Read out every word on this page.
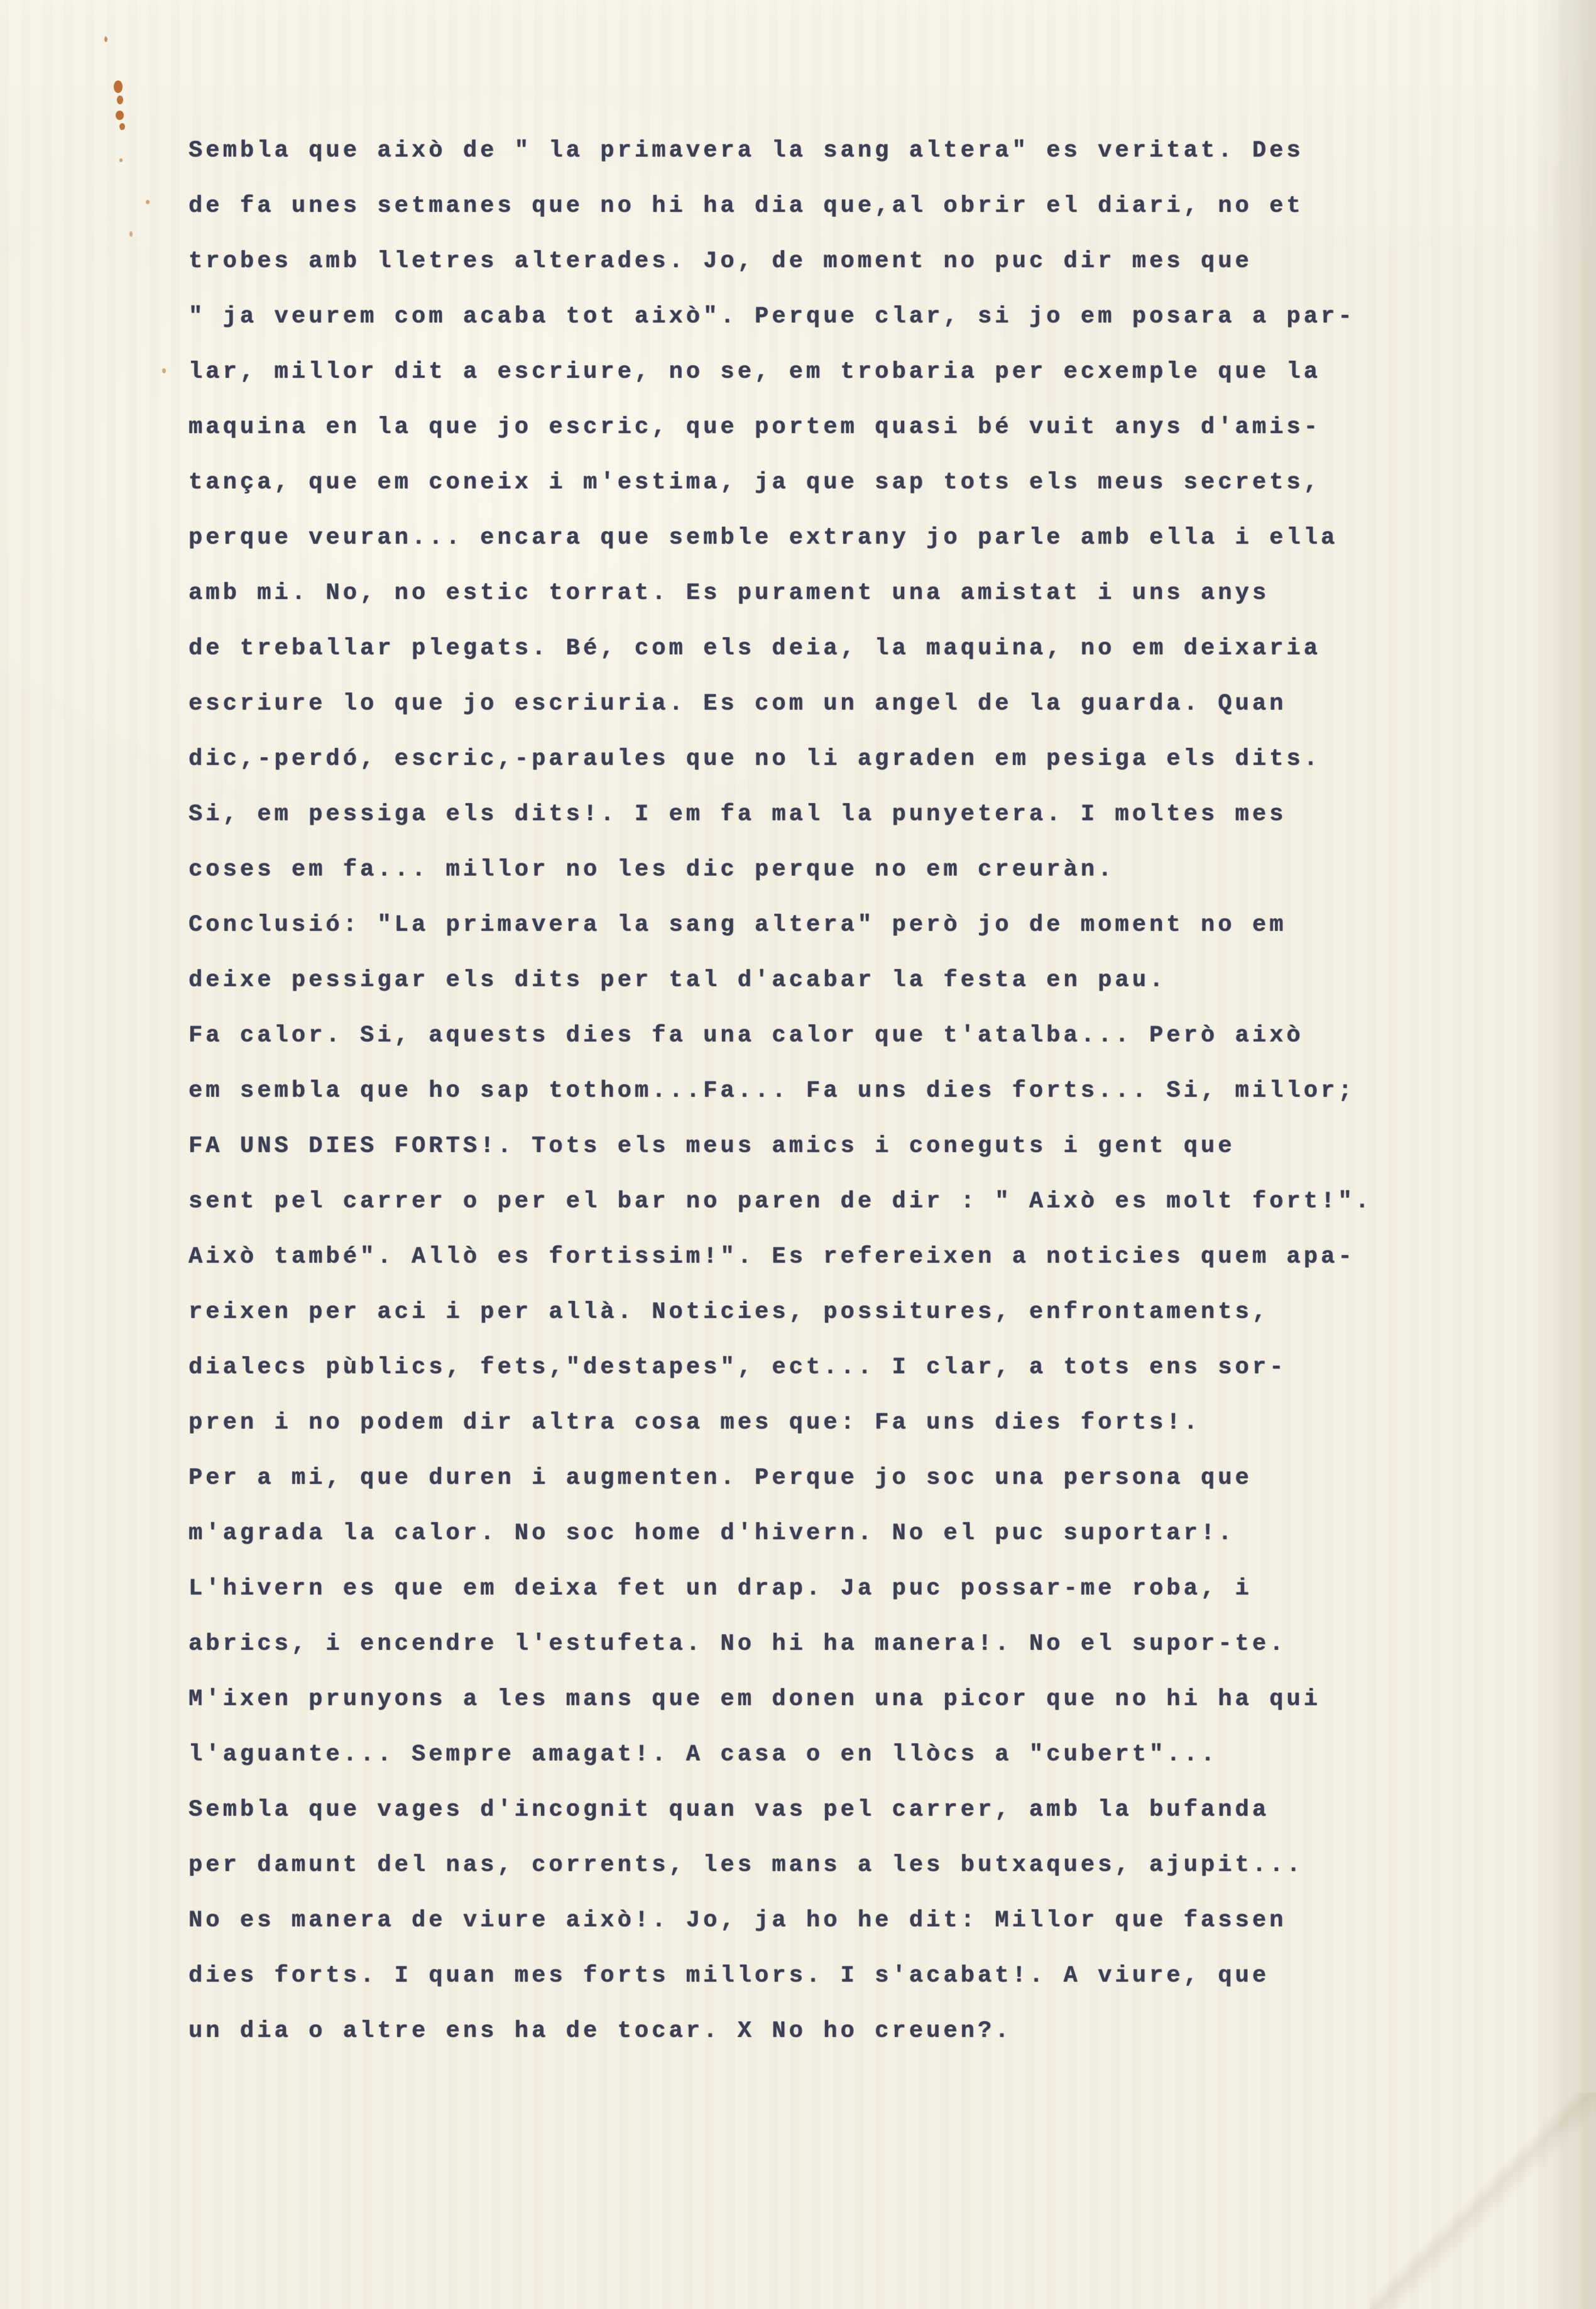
Sembla que això de " la primavera la sang altera" es veritat. Des
de fa unes setmanes que no hi ha dia que,al obrir el diari, no et
trobes amb lletres alterades. Jo, de moment no puc dir mes que
" ja veurem com acaba tot això". Perque clar, si jo em posara a par-
lar, millor dit a escriure, no se, em trobaria per ecxemple que la
maquina en la que jo escric, que portem quasi bé vuit anys d'amis-
tança, que em coneix i m'estima, ja que sap tots els meus secrets,
perque veuran... encara que semble extrany jo parle amb ella i ella
amb mi. No, no estic torrat. Es purament una amistat i uns anys
de treballar plegats. Bé, com els deia, la maquina, no em deixaria
escriure lo que jo escriuria. Es com un angel de la guarda. Quan
dic,-perdó, escric,-paraules que no li agraden em pesiga els dits.
Si, em pessiga els dits!. I em fa mal la punyetera. I moltes mes
coses em fa... millor no les dic perque no em creuràn.
Conclusió: "La primavera la sang altera" però jo de moment no em
deixe pessigar els dits per tal d'acabar la festa en pau.
Fa calor. Si, aquests dies fa una calor que t'atalba... Però això
em sembla que ho sap tothom...Fa... Fa uns dies forts... Si, millor;
FA UNS DIES FORTS!. Tots els meus amics i coneguts i gent que
sent pel carrer o per el bar no paren de dir : " Això es molt fort!".
Això també". Allò es fortissim!". Es refereixen a noticies quem apa-
reixen per aci i per allà. Noticies, possitures, enfrontaments,
dialecs pùblics, fets,"destapes", ect... I clar, a tots ens sor-
pren i no podem dir altra cosa mes que: Fa uns dies forts!.
Per a mi, que duren i augmenten. Perque jo soc una persona que
m'agrada la calor. No soc home d'hivern. No el puc suportar!.
L'hivern es que em deixa fet un drap. Ja puc possar-me roba, i
abrics, i encendre l'estufeta. No hi ha manera!. No el supor-te.
M'ixen prunyons a les mans que em donen una picor que no hi ha qui
l'aguante... Sempre amagat!. A casa o en llòcs a "cubert"...
Sembla que vages d'incognit quan vas pel carrer, amb la bufanda
per damunt del nas, corrents, les mans a les butxaques, ajupit...
No es manera de viure això!. Jo, ja ho he dit: Millor que fassen
dies forts. I quan mes forts millors. I s'acabat!. A viure, que
un dia o altre ens ha de tocar. X No ho creuen?.
